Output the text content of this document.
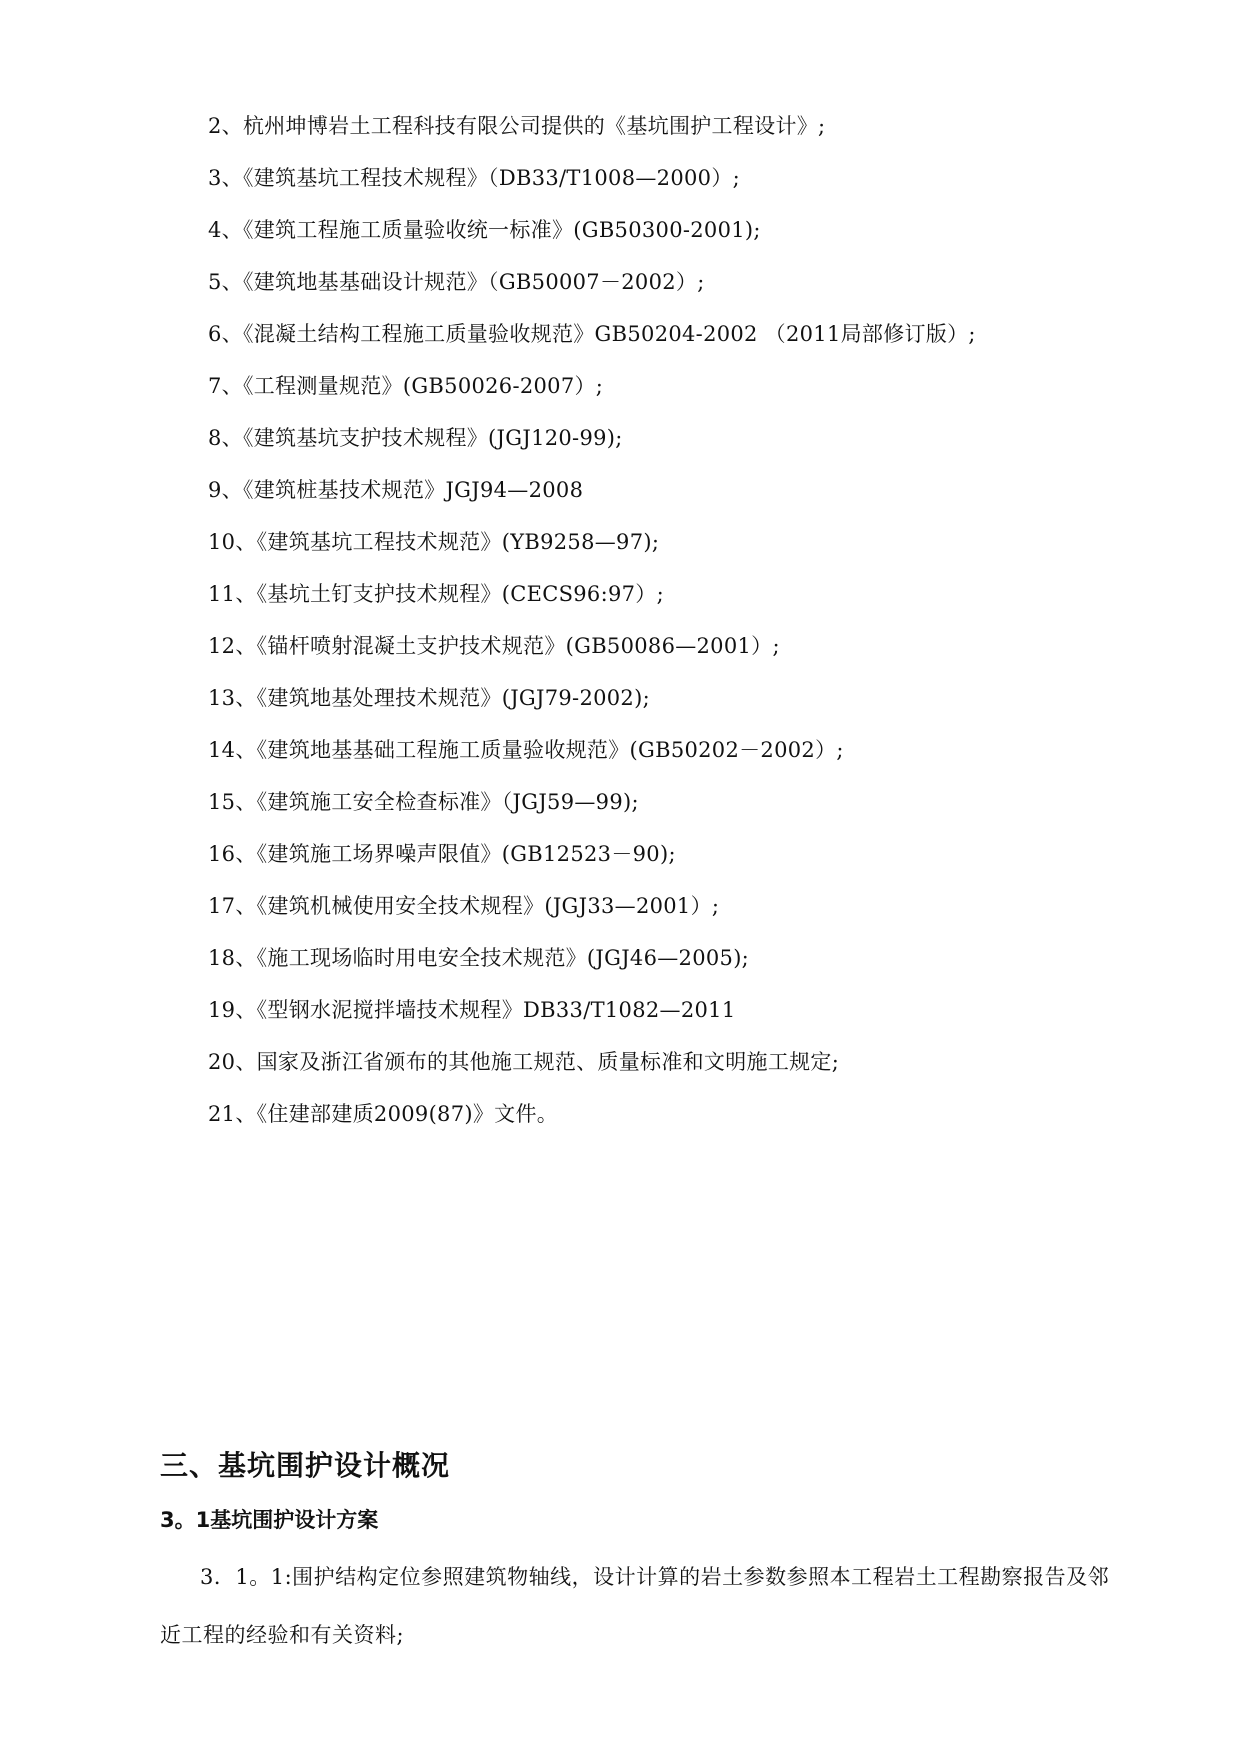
2、杭州坤博岩土工程科技有限公司提供的《基坑围护工程设计》;
3、《建筑基坑工程技术规程》（DB33/T1008—2000）;
4、《建筑工程施工质量验收统一标准》(GB50300-2001);
5、《建筑地基基础设计规范》（GB50007－2002）;
6、《混凝土结构工程施工质量验收规范》GB50204-2002 （2011局部修订版）;
7、《工程测量规范》(GB50026-2007）;
8、《建筑基坑支护技术规程》(JGJ120-99);
9、《建筑桩基技术规范》JGJ94—2008
10、《建筑基坑工程技术规范》(YB9258—97);
11、《基坑土钉支护技术规程》(CECS96:97）;
12、《锚杆喷射混凝土支护技术规范》(GB50086—2001）;
13、《建筑地基处理技术规范》(JGJ79-2002);
14、《建筑地基基础工程施工质量验收规范》(GB50202－2002）;
15、《建筑施工安全检查标准》（JGJ59—99);
16、《建筑施工场界噪声限值》(GB12523－90);
17、《建筑机械使用安全技术规程》(JGJ33—2001）;
18、《施工现场临时用电安全技术规范》(JGJ46—2005);
19、《型钢水泥搅拌墙技术规程》DB33/T1082—2011
20、国家及浙江省颁布的其他施工规范、质量标准和文明施工规定;
21、《住建部建质2009(87)》文件。
三、基坑围护设计概况
3。1基坑围护设计方案
3．1。1:围护结构定位参照建筑物轴线，设计计算的岩土参数参照本工程岩土工程勘察报告及邻近工程的经验和有关资料;
